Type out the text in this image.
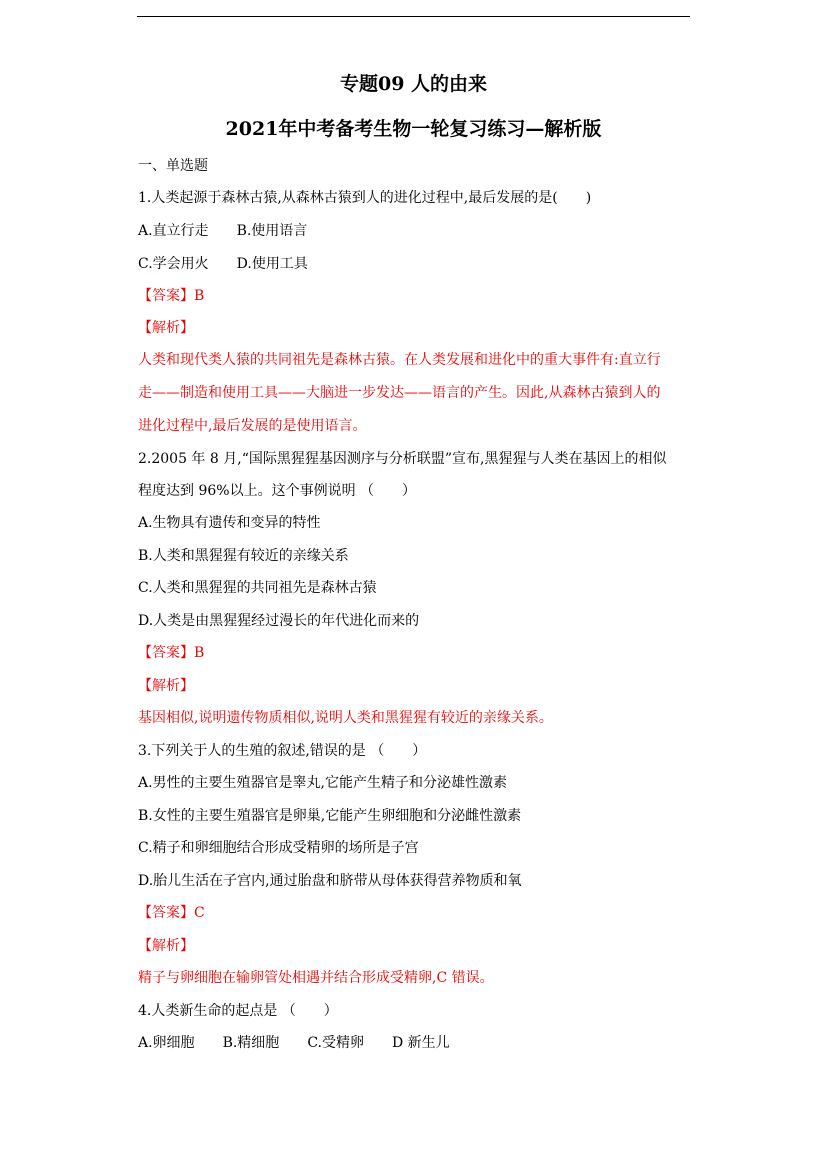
专题09 人的由来
2021年中考备考生物一轮复习练习—解析版
一、单选题
1.人类起源于森林古猿,从森林古猿到人的进化过程中,最后发展的是(　　)
A.直立行走 B.使用语言
C.学会用火 D.使用工具
【答案】B
【解析】
人类和现代类人猿的共同祖先是森林古猿。在人类发展和进化中的重大事件有:直立行
走——制造和使用工具——大脑进一步发达——语言的产生。因此,从森林古猿到人的
进化过程中,最后发展的是使用语言。
2.2005 年 8 月,“国际黑猩猩基因测序与分析联盟”宣布,黑猩猩与人类在基因上的相似
程度达到 96%以上。这个事例说明 （　　）
A.生物具有遗传和变异的特性
B.人类和黑猩猩有较近的亲缘关系
C.人类和黑猩猩的共同祖先是森林古猿
D.人类是由黑猩猩经过漫长的年代进化而来的
【答案】B
【解析】
基因相似,说明遗传物质相似,说明人类和黑猩猩有较近的亲缘关系。
3.下列关于人的生殖的叙述,错误的是 （　　）
A.男性的主要生殖器官是睾丸,它能产生精子和分泌雄性激素
B.女性的主要生殖器官是卵巢,它能产生卵细胞和分泌雌性激素
C.精子和卵细胞结合形成受精卵的场所是子宫
D.胎儿生活在子宫内,通过胎盘和脐带从母体获得营养物质和氧
【答案】C
【解析】
精子与卵细胞在输卵管处相遇并结合形成受精卵,C 错误。
4.人类新生命的起点是 （　　）
A.卵细胞 B.精细胞 C.受精卵 D 新生儿
